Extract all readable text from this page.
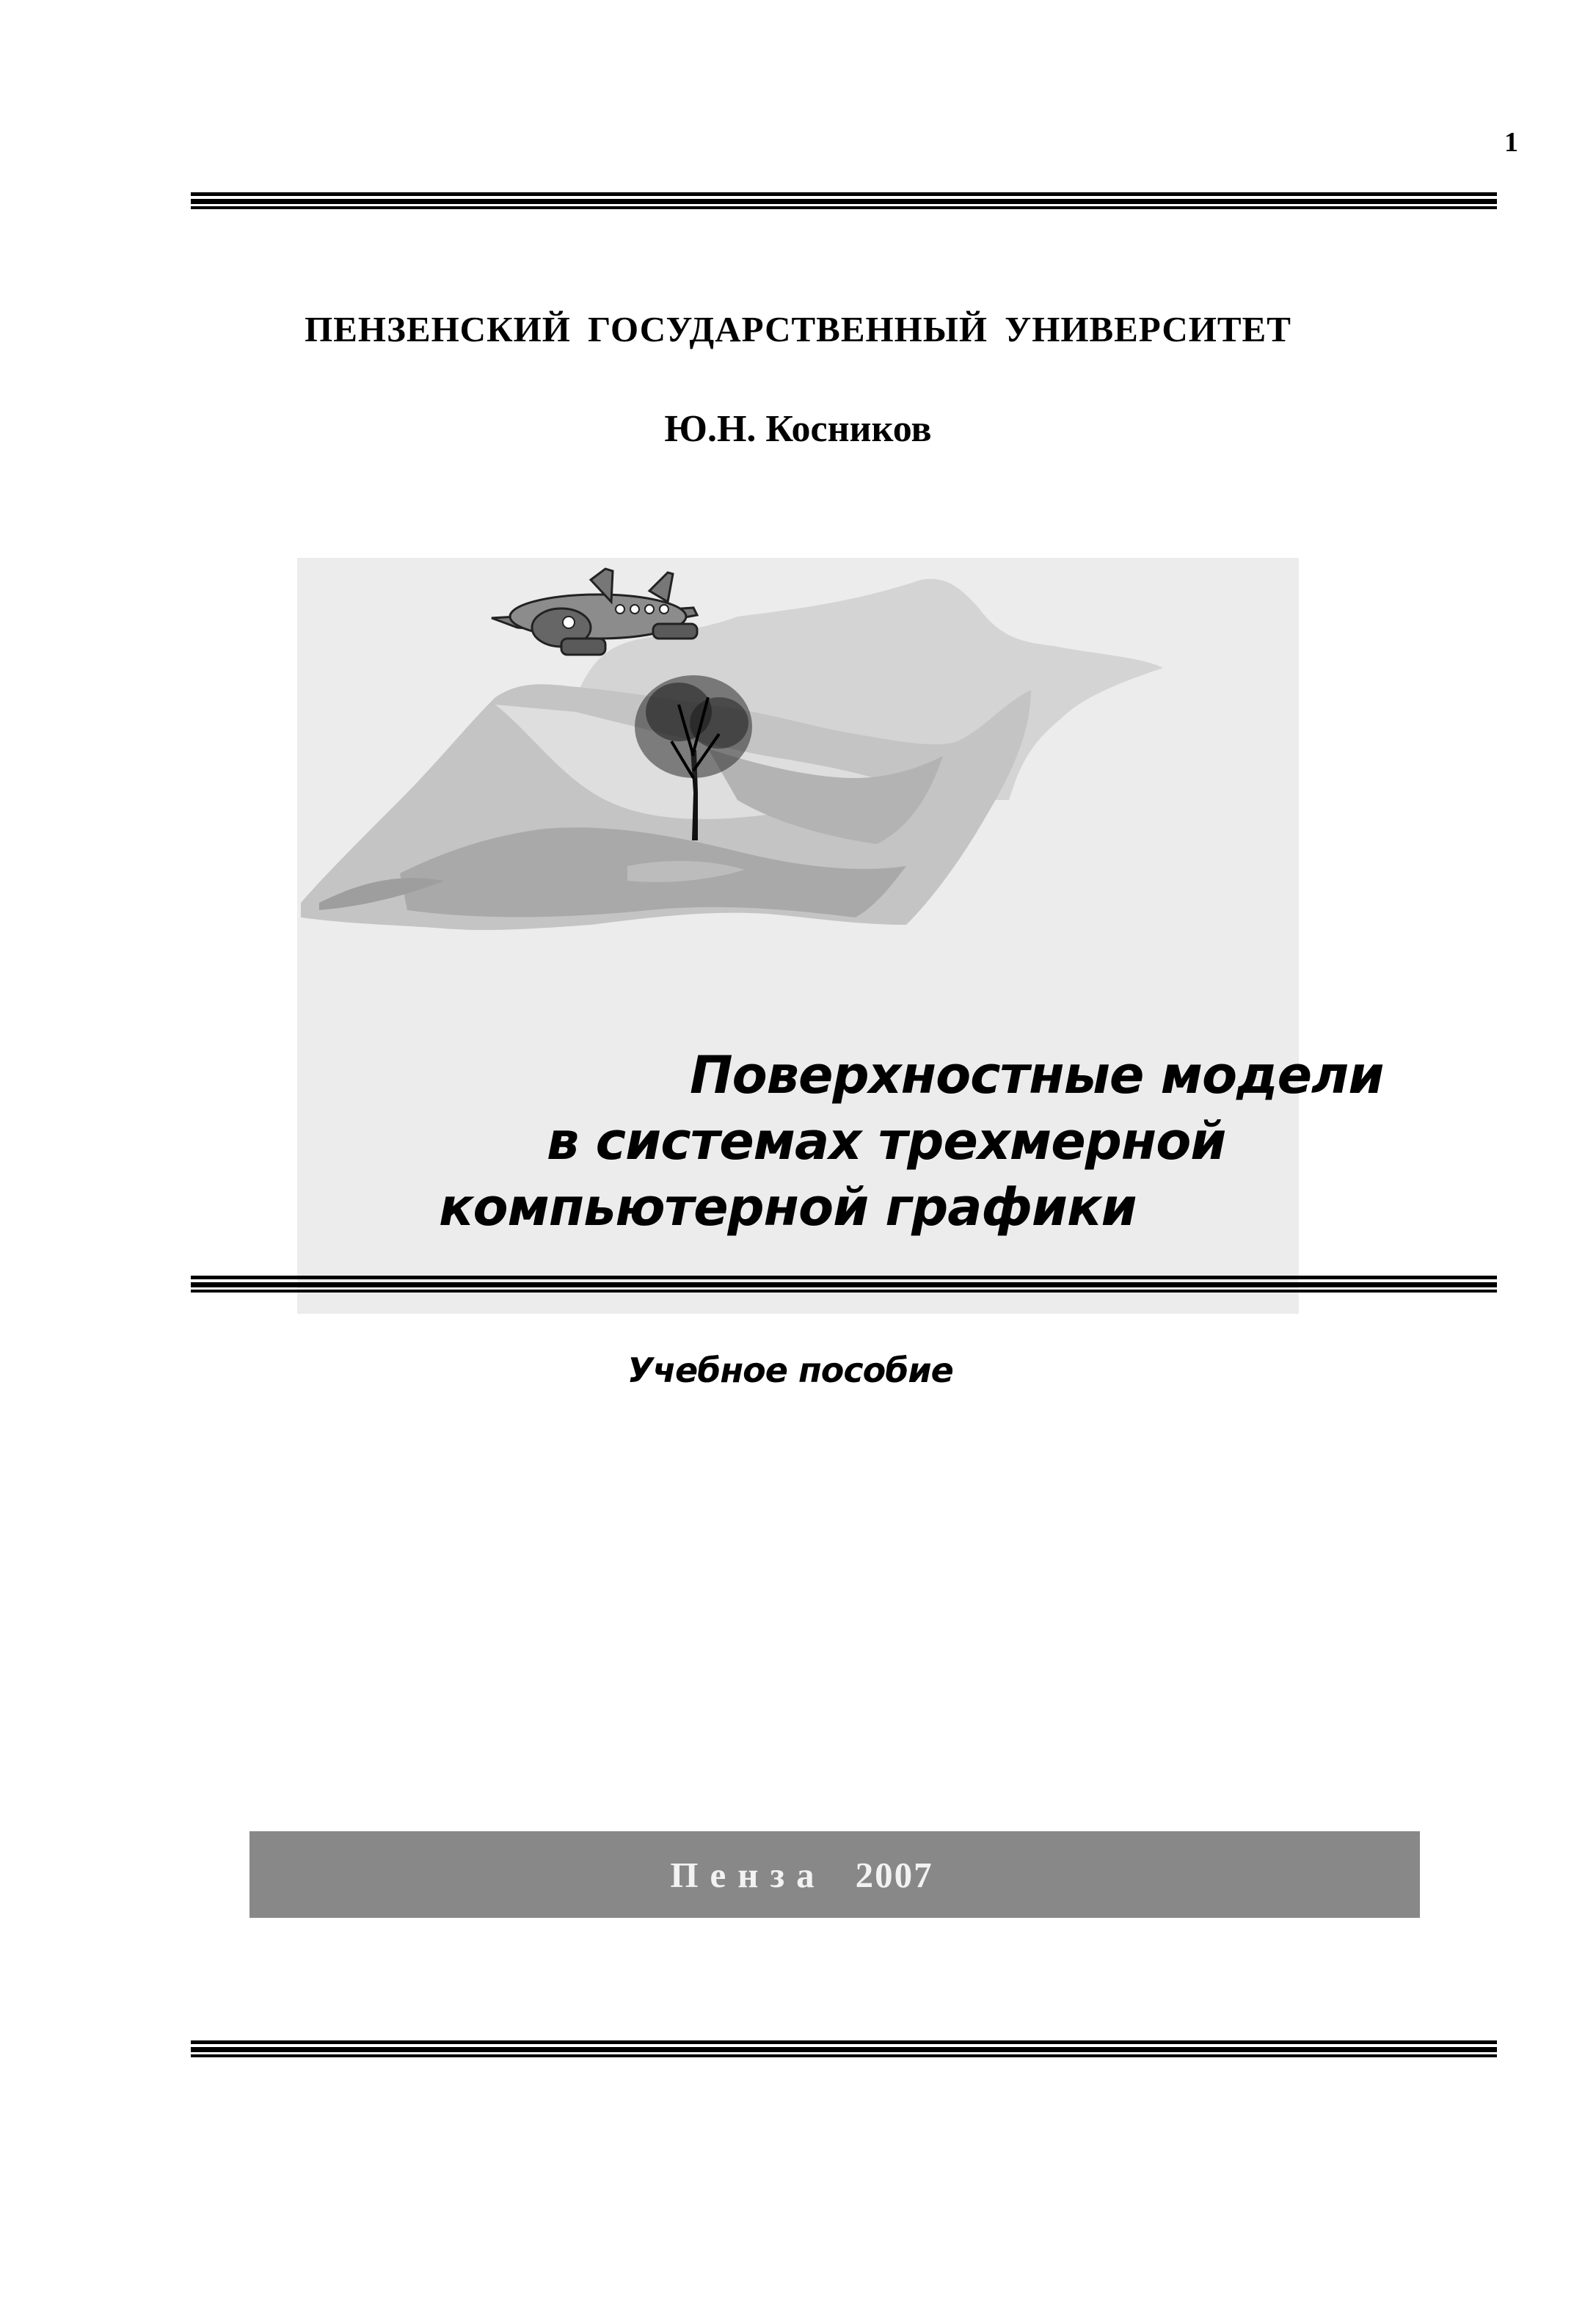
1
ПЕНЗЕНСКИЙ ГОСУДАРСТВЕННЫЙ УНИВЕРСИТЕТ
Ю.Н. Косников
Поверхностные модели
в системах трехмерной
компьютерной графики
Учебное пособие
Пенза 2007
